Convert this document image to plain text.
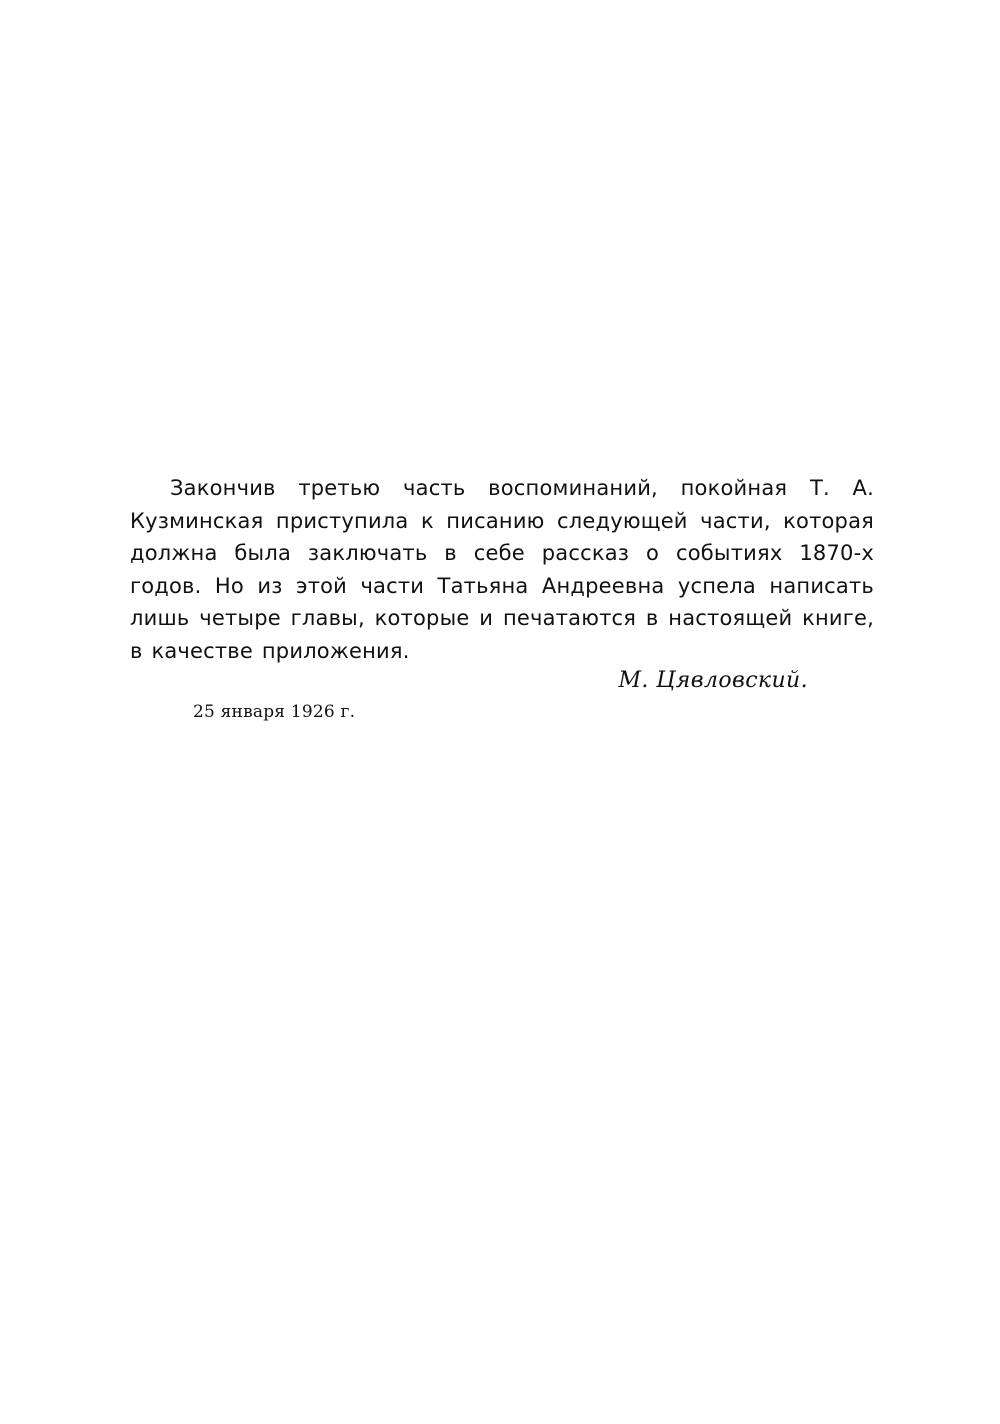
Закончив третью часть воспоминаний, покойная Т. А. Кузминская приступила к писанию следующей части, которая должна была заключать в себе рассказ о событиях 1870-х годов. Но из этой части Татьяна Андреевна успела написать лишь четыре главы, которые и печатаются в настоящей книге, в качестве приложения.

М. Цявловский.
25 января 1926 г.
